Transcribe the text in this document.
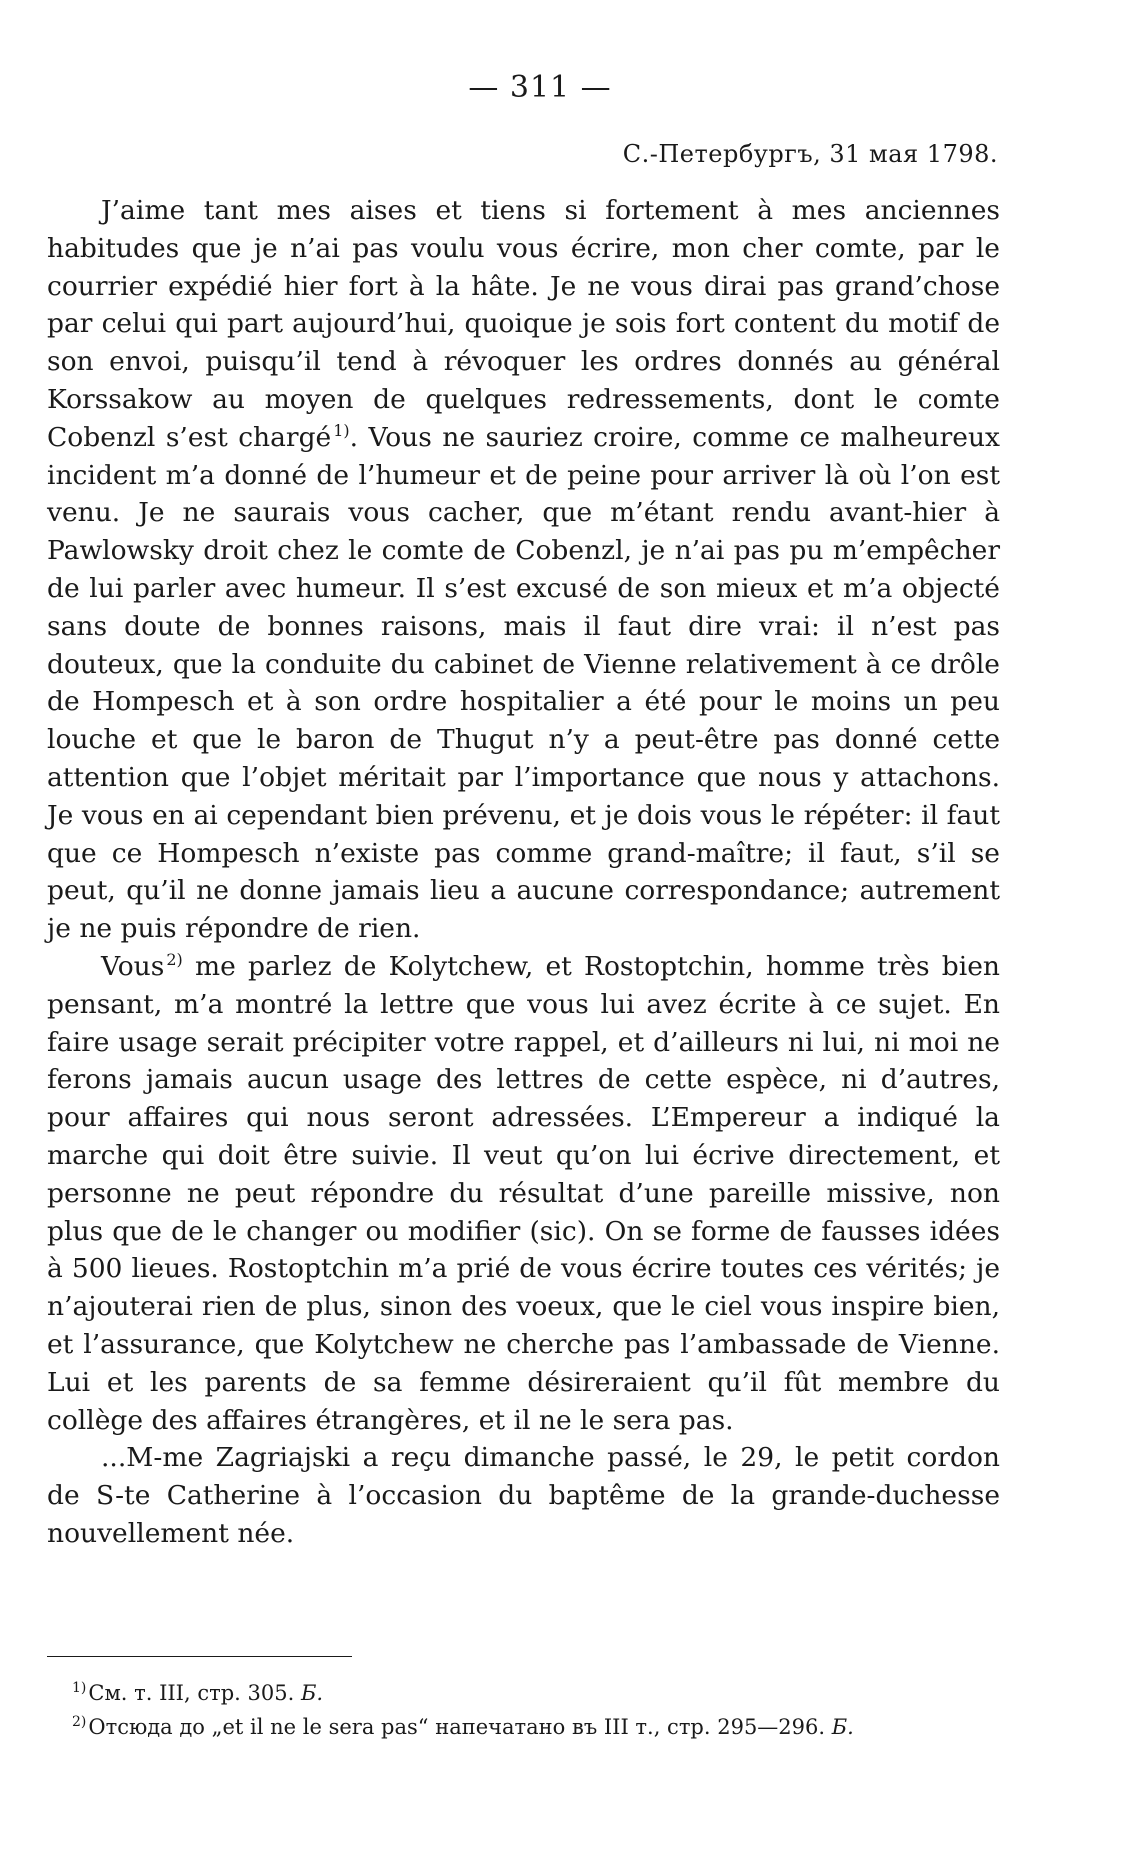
— 311 —
С.-Петербургъ, 31 мая 1798.

J’aime tant mes aises et tiens si fortement à mes anciennes habitudes que je n’ai pas voulu vous écrire, mon cher comte, par le courrier expédié hier fort à la hâte. Je ne vous dirai pas grand’chose par celui qui part aujourd’hui, quoique je sois fort content du motif de son envoi, puisqu’il tend à révoquer les ordres donnés au général Korssakow au moyen de quelques redressements, dont le comte Cobenzl s’est chargé $^{1)}$. Vous ne sauriez croire, comme ce malheureux incident m’a donné de l’humeur et de peine pour arriver là où l’on est venu. Je ne saurais vous cacher, que m’étant rendu avant-hier à Pawlowsky droit chez le comte de Cobenzl, je n’ai pas pu m’empêcher de lui parler avec humeur. Il s’est excusé de son mieux et m’a objecté sans doute de bonnes raisons, mais il faut dire vrai: il n’est pas douteux, que la conduite du cabinet de Vienne relativement à ce drôle de Hompesch et à son ordre hospitalier a été pour le moins un peu louche et que le baron de Thugut n’y a peut-être pas donné cette attention que l’objet méritait par l’importance que nous y attachons. Je vous en ai cependant bien prévenu, et je dois vous le répéter: il faut que ce Hompesch n’existe pas comme grand-maître; il faut, s’il se peut, qu’il ne donne jamais lieu a aucune correspondance; autrement je ne puis répondre de rien.

Vous $^{2)}$ me parlez de Kolytchew, et Rostoptchin, homme très bien pensant, m’a montré la lettre que vous lui avez écrite à ce sujet. En faire usage serait précipiter votre rappel, et d’ailleurs ni lui, ni moi ne ferons jamais aucun usage des lettres de cette espèce, ni d’autres, pour affaires qui nous seront adressées. L’Empereur a indiqué la marche qui doit être suivie. Il veut qu’on lui écrive directement, et personne ne peut répondre du résultat d’une pareille missive, non plus que de le changer ou modifier (sic). On se forme de fausses idées à 500 lieues. Rostoptchin m’a prié de vous écrire toutes ces vérités; je n’ajouterai rien de plus, sinon des voeux, que le ciel vous inspire bien, et l’assurance, que Kolytchew ne cherche pas l’ambassade de Vienne. Lui et les parents de sa femme désireraient qu’il fût membre du collège des affaires étrangères, et il ne le sera pas.

...M-me Zagriajski a reçu dimanche passé, le 29, le petit cordon de S-te Catherine à l’occasion du baptême de la grande-duchesse nouvellement née.

$^{1)}$См. т. III, стр. 305. Б.
$^{2)}$Отсюда до „et il ne le sera pas“ напечатано въ III т., стр. 295—296. Б.
